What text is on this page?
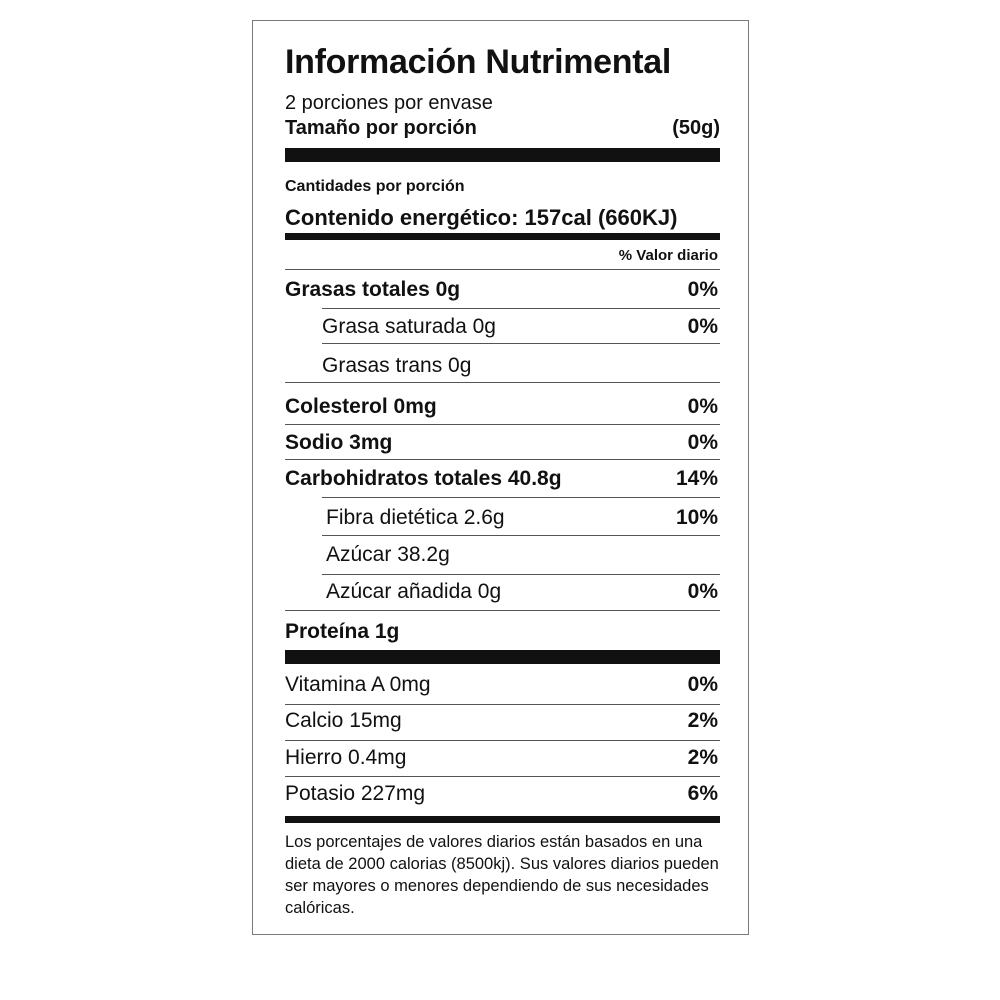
Información Nutrimental
2 porciones por envase
Tamaño por porción	(50g)
Cantidades por porción
Contenido energético: 157cal (660KJ)
% Valor diario
Grasas totales 0g	0%
Grasa saturada 0g	0%
Grasas trans 0g
Colesterol 0mg	0%
Sodio 3mg	0%
Carbohidratos totales 40.8g	14%
Fibra dietética 2.6g	10%
Azúcar 38.2g
Azúcar añadida 0g	0%
Proteína 1g
Vitamina A 0mg	0%
Calcio 15mg	2%
Hierro 0.4mg	2%
Potasio 227mg	6%
Los porcentajes de valores diarios están basados en una dieta de 2000 calorias (8500kj). Sus valores diarios pueden ser mayores o menores dependiendo de sus necesidades calóricas.
